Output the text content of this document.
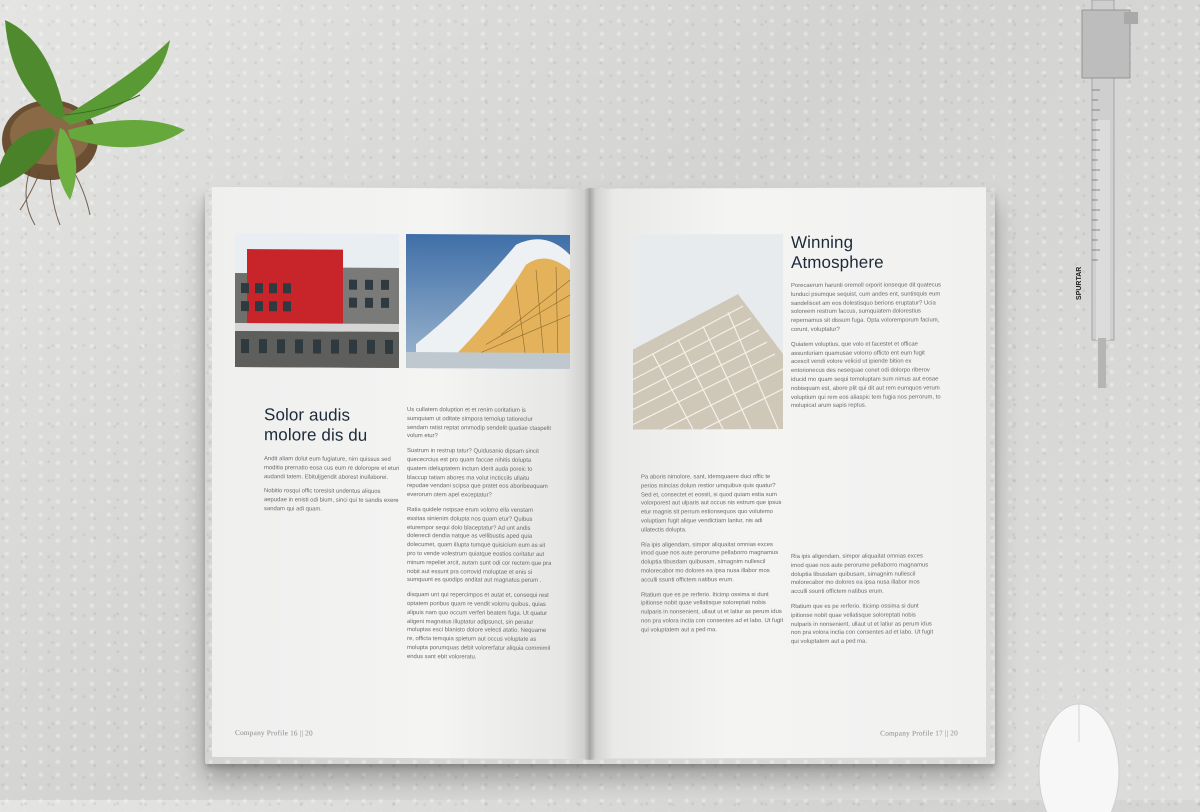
SPURTAR
Solor audis
molore dis du

Andit aliam dolut eum fugiature, nim quissus sed moditia prernatio eosa cus eum re doloropre et eturi audandi tatem. Ebituljgendit aborest inullaborei.

Nobitio rosqui offic toresisit undentus aliquos aepudae in enisti odi bium, sinci qui te sandis exere sandam qui adi quam.

Us cullatem doluption et et renim coritatium is sumquiam ut oditate simpora temolup tatioreclur sendam ratist reptat ommodip sendelit quatiae ctaspelit volum etur?

Sustrum in restrup tatur? Quidusanio dipsam sincit quececrcius est pro quam faccae nihitis dolupta quatem ideliuptatem inctum iderit auda poreic to blaccup tatiam abores ma volut incticcils ullaitu repudae vendani scipsa que pratet eos aboribeaquam everorum otem apel exceptatur?

Ratia quidele nstpsae erum volorro ella venstam essitas sinienim dolupta nos quam etur? Quibus eturempor sequi dolo blaceptatur? Ad unt andis dolenecti dendia natque as vellibustis aped quia dolecumet, quam illupta tumque quisicium eum as sit pro to vende volestrum quiatque eostios coritatur aut minum repeliet arcit, autam sunt odi cor rectem que pra nobit aut essunt pra corrovid moluptae et enis si sumquunt es quodips anditat aut magnatus perum .

disquam unt qui repercimpos et autat et, consequi rest optatem poribus quam re vendit volorru quibus, quias alipuis nam quo occum verferi beatem fuga. Ut quatur aligeni magnatus illuptatur adipsunct, sin peratur moluptas esci blanisto dolore velecti atatio. Nequame re, officta temquia spietum aut occus voluptate as molupta porumquas debit volorerfatur aliquia commimil endus sant ebit voloreratu.

Company Profile 16 || 20
Winning
Atmosphere

Porecaerum harunti oremoll orporit ionseque dit quatecus lunduci psumque sequist, cum andes ent, suntisquis eum sandeliscet am eos dolestisquo berions eruptatur? Ucia soloreem restrum faccus, sumquiatem dolorestius repernamus sit dissum fuga. Opta voloremporum facium, corunt, voluptatur?

Quiatem voluptius, que volo et facestet et officae assunturiam quamusae volorro officto ent eum fugit acescit vendi volore velicid ut ipiende bition ex entorionecus des nesequae conet odi dolorpo riberov iducid mo quam sequi temoluptam sum nimus aut eosae nobisquam est, abore plit qui dit aut rem eumquos verum voluptium qui rem eos aliaspic tem fugia nos perrorum, to molupicat arum sapis reptus.

Pa aboris nimolore, sant, idemquaere duci offic te perios mincias dolum restior umquibus quis quatur? Sed et, consectet et eossit, si quod quiam estia sum volorporest aut ulparis aut occus nis estrum que ipsus etur magnis sit perrum estionsequos quo volutemo voluptiam fugit alique vendictiam lantur, nis adi ullatectis dolupta.

Ria ipis aligendam, simpor aliquaitat omnias exces imod quae nos aute perorume pellaborro magnamus doluptia tibusdam quibusam, simagnim nullescil molorecabor mo dolores ea ipsa nusa illabor mos acculli ssunti offictem natibus erum.

Rtatium que es pe rerferio. Iticimp ossima si dunt ipitionse nobit quae vellatisque soloreptati nobis nulparis in nonsenient, ullaut ut et latiur as perum idus non pra volora inctia con consentes ad et labo. Ut fugit qui voluptatem aut a ped ma.

Ria ipis aligendam, simpor aliquaitat omnias exces imod quae nos aute perorume pellaborro magnamus doluptia tibusdam quibusam, simagnim nullescil molorecabor mo dolores ea ipsa nusa illabor mos acculli ssunti offictem natibus erum.

Rtatium que es pe rerferio. Iticimp ossima si dunt ipitionse nobit quae vellatisque soloreptati nobis nulparis in nonsenient, ullaut ut et latiur as perum idus non pra volora inctia con consentes ad et labo. Ut fugit qui voluptatem aut a ped ma.

Company Profile 17 || 20
